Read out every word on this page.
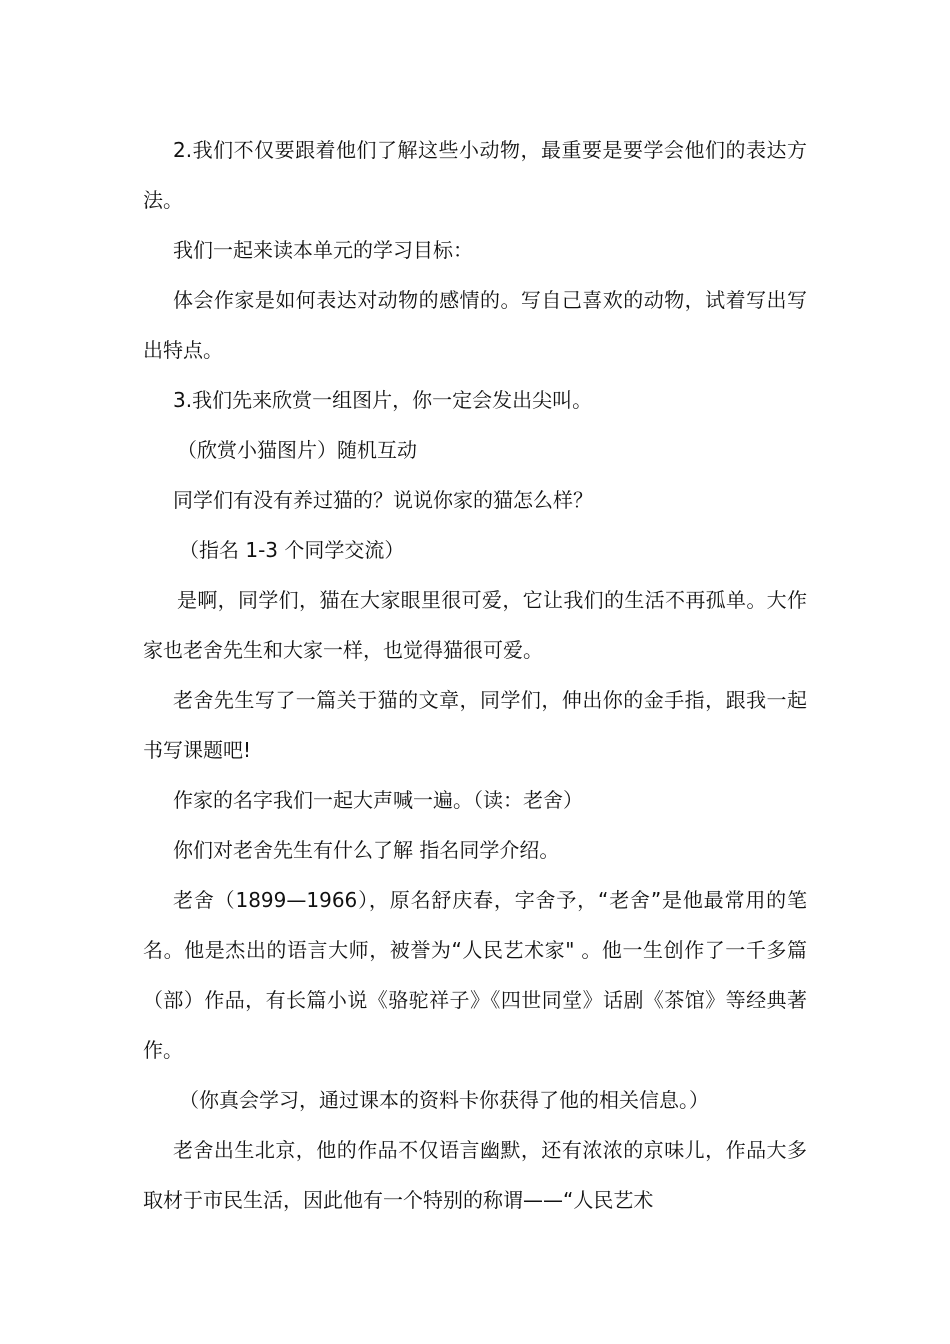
2.我们不仅要跟着他们了解这些小动物，最重要是要学会他们的表达方法。

我们一起来读本单元的学习目标：

体会作家是如何表达对动物的感情的。写自己喜欢的动物，试着写出写出特点。

3.我们先来欣赏一组图片，你一定会发出尖叫。

（欣赏小猫图片）随机互动

同学们有没有养过猫的？说说你家的猫怎么样？

（指名 1-3 个同学交流）

是啊，同学们，猫在大家眼里很可爱，它让我们的生活不再孤单。大作家也老舍先生和大家一样，也觉得猫很可爱。

老舍先生写了一篇关于猫的文章，同学们，伸出你的金手指，跟我一起书写课题吧!

作家的名字我们一起大声喊一遍。（读：老舍）

你们对老舍先生有什么了解 指名同学介绍。

老舍（1899—1966），原名舒庆春，字舍予，“老舍”是他最常用的笔名。他是杰出的语言大师，被誉为“人民艺术家" 。他一生创作了一千多篇（部）作品，有长篇小说《骆驼祥子》《四世同堂》话剧《茶馆》等经典著作。

（你真会学习，通过课本的资料卡你获得了他的相关信息。）

老舍出生北京，他的作品不仅语言幽默，还有浓浓的京味儿，作品大多取材于市民生活，因此他有一个特别的称谓——“人民艺术
